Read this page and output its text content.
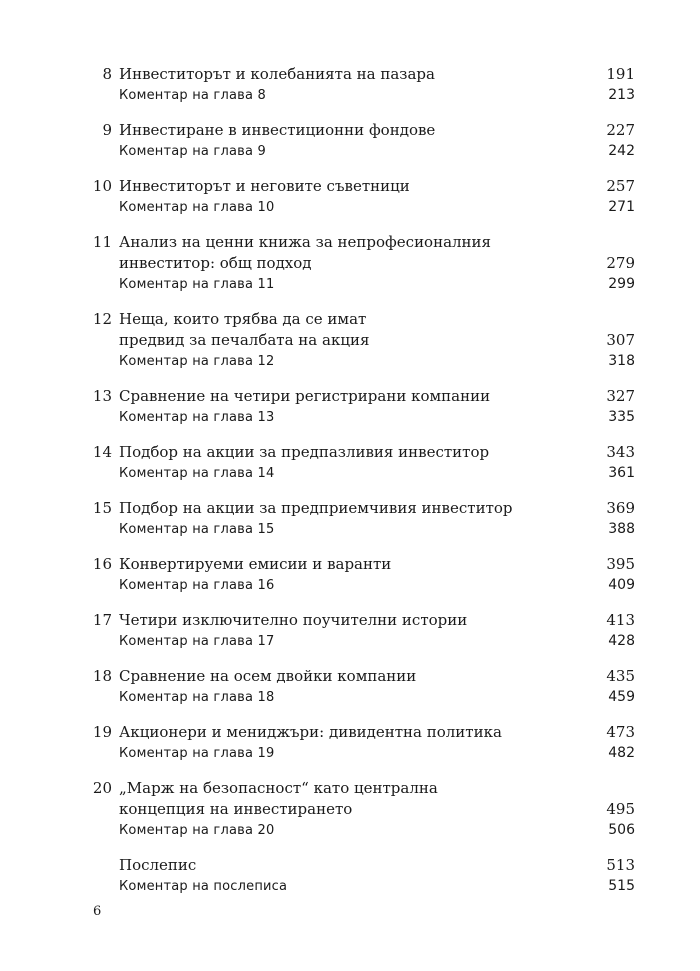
8 Инвеститорът и колебанията на пазара	191
Коментар на глава 8	213
9 Инвестиране в инвестиционни фондове	227
Коментар на глава 9	242
10 Инвеститорът и неговите съветници	257
Коментар на глава 10	271
11 Анализ на ценни книжа за непрофесионалния
инвеститор: общ подход	279
Коментар на глава 11	299
12 Неща, които трябва да се имат
предвид за печалбата на акция	307
Коментар на глава 12	318
13 Сравнение на четири регистрирани компании	327
Коментар на глава 13	335
14 Подбор на акции за предпазливия инвеститор	343
Коментар на глава 14	361
15 Подбор на акции за предприемчивия инвеститор	369
Коментар на глава 15	388
16 Конвертируеми емисии и варанти	395
Коментар на глава 16	409
17 Четири изключително поучителни истории	413
Коментар на глава 17	428
18 Сравнение на осем двойки компании	435
Коментар на глава 18	459
19 Акционери и мениджъри: дивидентна политика	473
Коментар на глава 19	482
20 „Марж на безопасност“ като централна
концепция на инвестирането	495
Коментар на глава 20	506
Послепис	513
Коментар на послеписа	515
6
